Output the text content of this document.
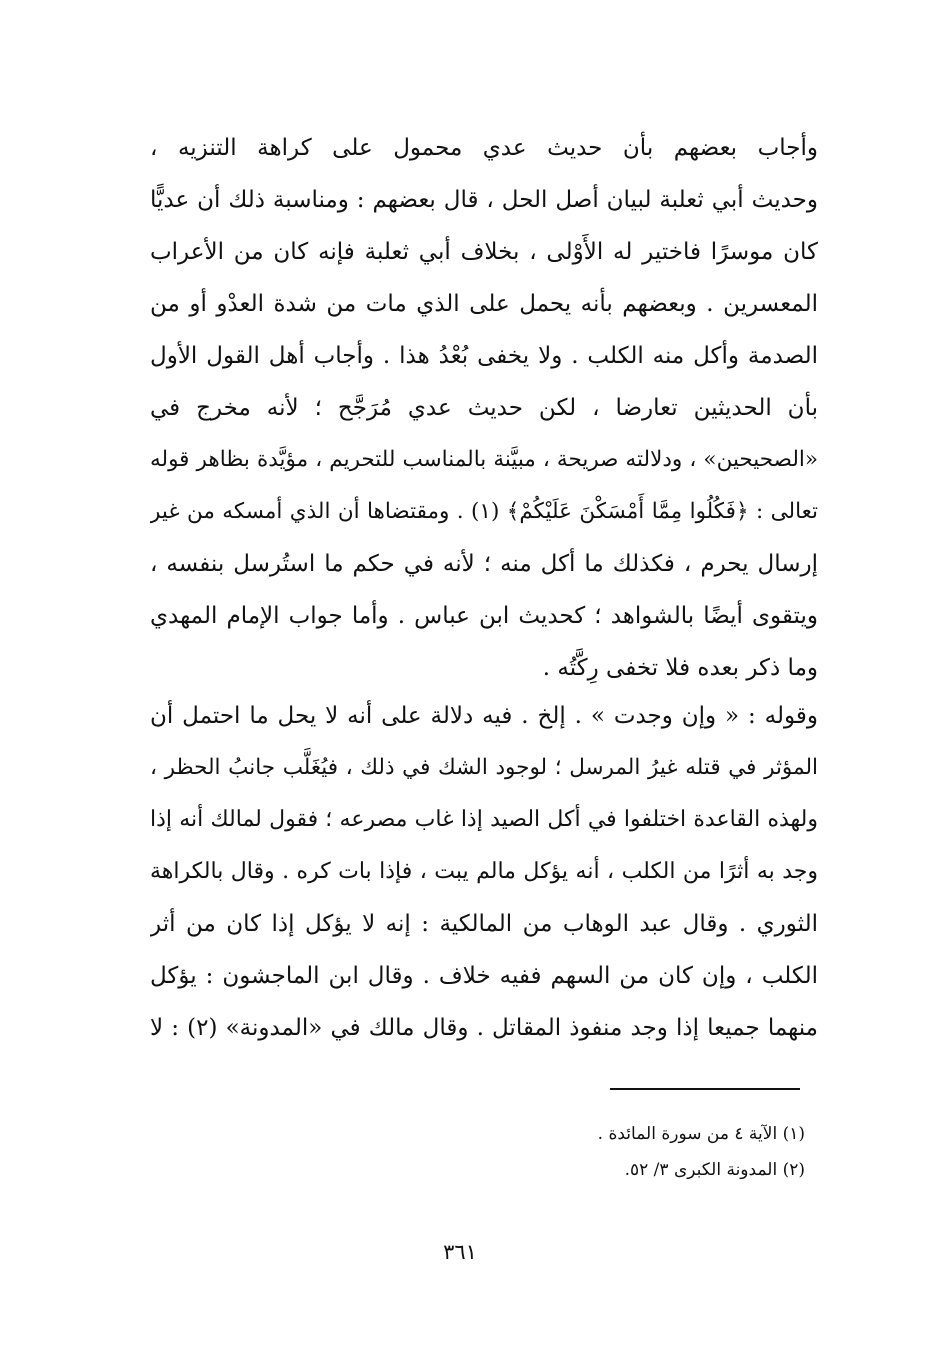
وأجاب بعضهم بأن حديث عدي محمول على كراهة التنزيه ،
وحديث أبي ثعلبة لبيان أصل الحل ، قال بعضهم : ومناسبة ذلك أن عديًّا
كان موسرًا فاختير له الأَوْلى ، بخلاف أبي ثعلبة فإنه كان من الأعراب
المعسرين . وبعضهم بأنه يحمل على الذي مات من شدة العدْو أو من
الصدمة وأكل منه الكلب . ولا يخفى بُعْدُ هذا . وأجاب أهل القول الأول
بأن الحديثين تعارضا ، لكن حديث عدي مُرَجَّح ؛ لأنه مخرج في
«الصحيحين» ، ودلالته صريحة ، مبيَّنة بالمناسب للتحريم ، مؤيَّدة بظاهر قوله
تعالى : ﴿فَكُلُوا مِمَّا أَمْسَكْنَ عَلَيْكُمْ﴾ (١) . ومقتضاها أن الذي أمسكه من غير
إرسال يحرم ، فكذلك ما أكل منه ؛ لأنه في حكم ما استُرسل بنفسه ،
ويتقوى أيضًا بالشواهد ؛ كحديث ابن عباس . وأما جواب الإمام المهدي
وما ذكر بعده فلا تخفى رِكَّتُه .
وقوله : « وإن وجدت » . إلخ . فيه دلالة على أنه لا يحل ما احتمل أن
المؤثر في قتله غيرُ المرسل ؛ لوجود الشك في ذلك ، فيُغَلَّب جانبُ الحظر ،
ولهذه القاعدة اختلفوا في أكل الصيد إذا غاب مصرعه ؛ فقول لمالك أنه إذا
وجد به أثرًا من الكلب ، أنه يؤكل مالم يبت ، فإذا بات كره . وقال بالكراهة
الثوري . وقال عبد الوهاب من المالكية : إنه لا يؤكل إذا كان من أثر
الكلب ، وإن كان من السهم ففيه خلاف . وقال ابن الماجشون : يؤكل
منهما جميعا إذا وجد منفوذ المقاتل . وقال مالك في «المدونة» (٢) : لا
(١) الآية ٤ من سورة المائدة .
(٢) المدونة الكبرى ٣/ ٥٢.
٣٦١
